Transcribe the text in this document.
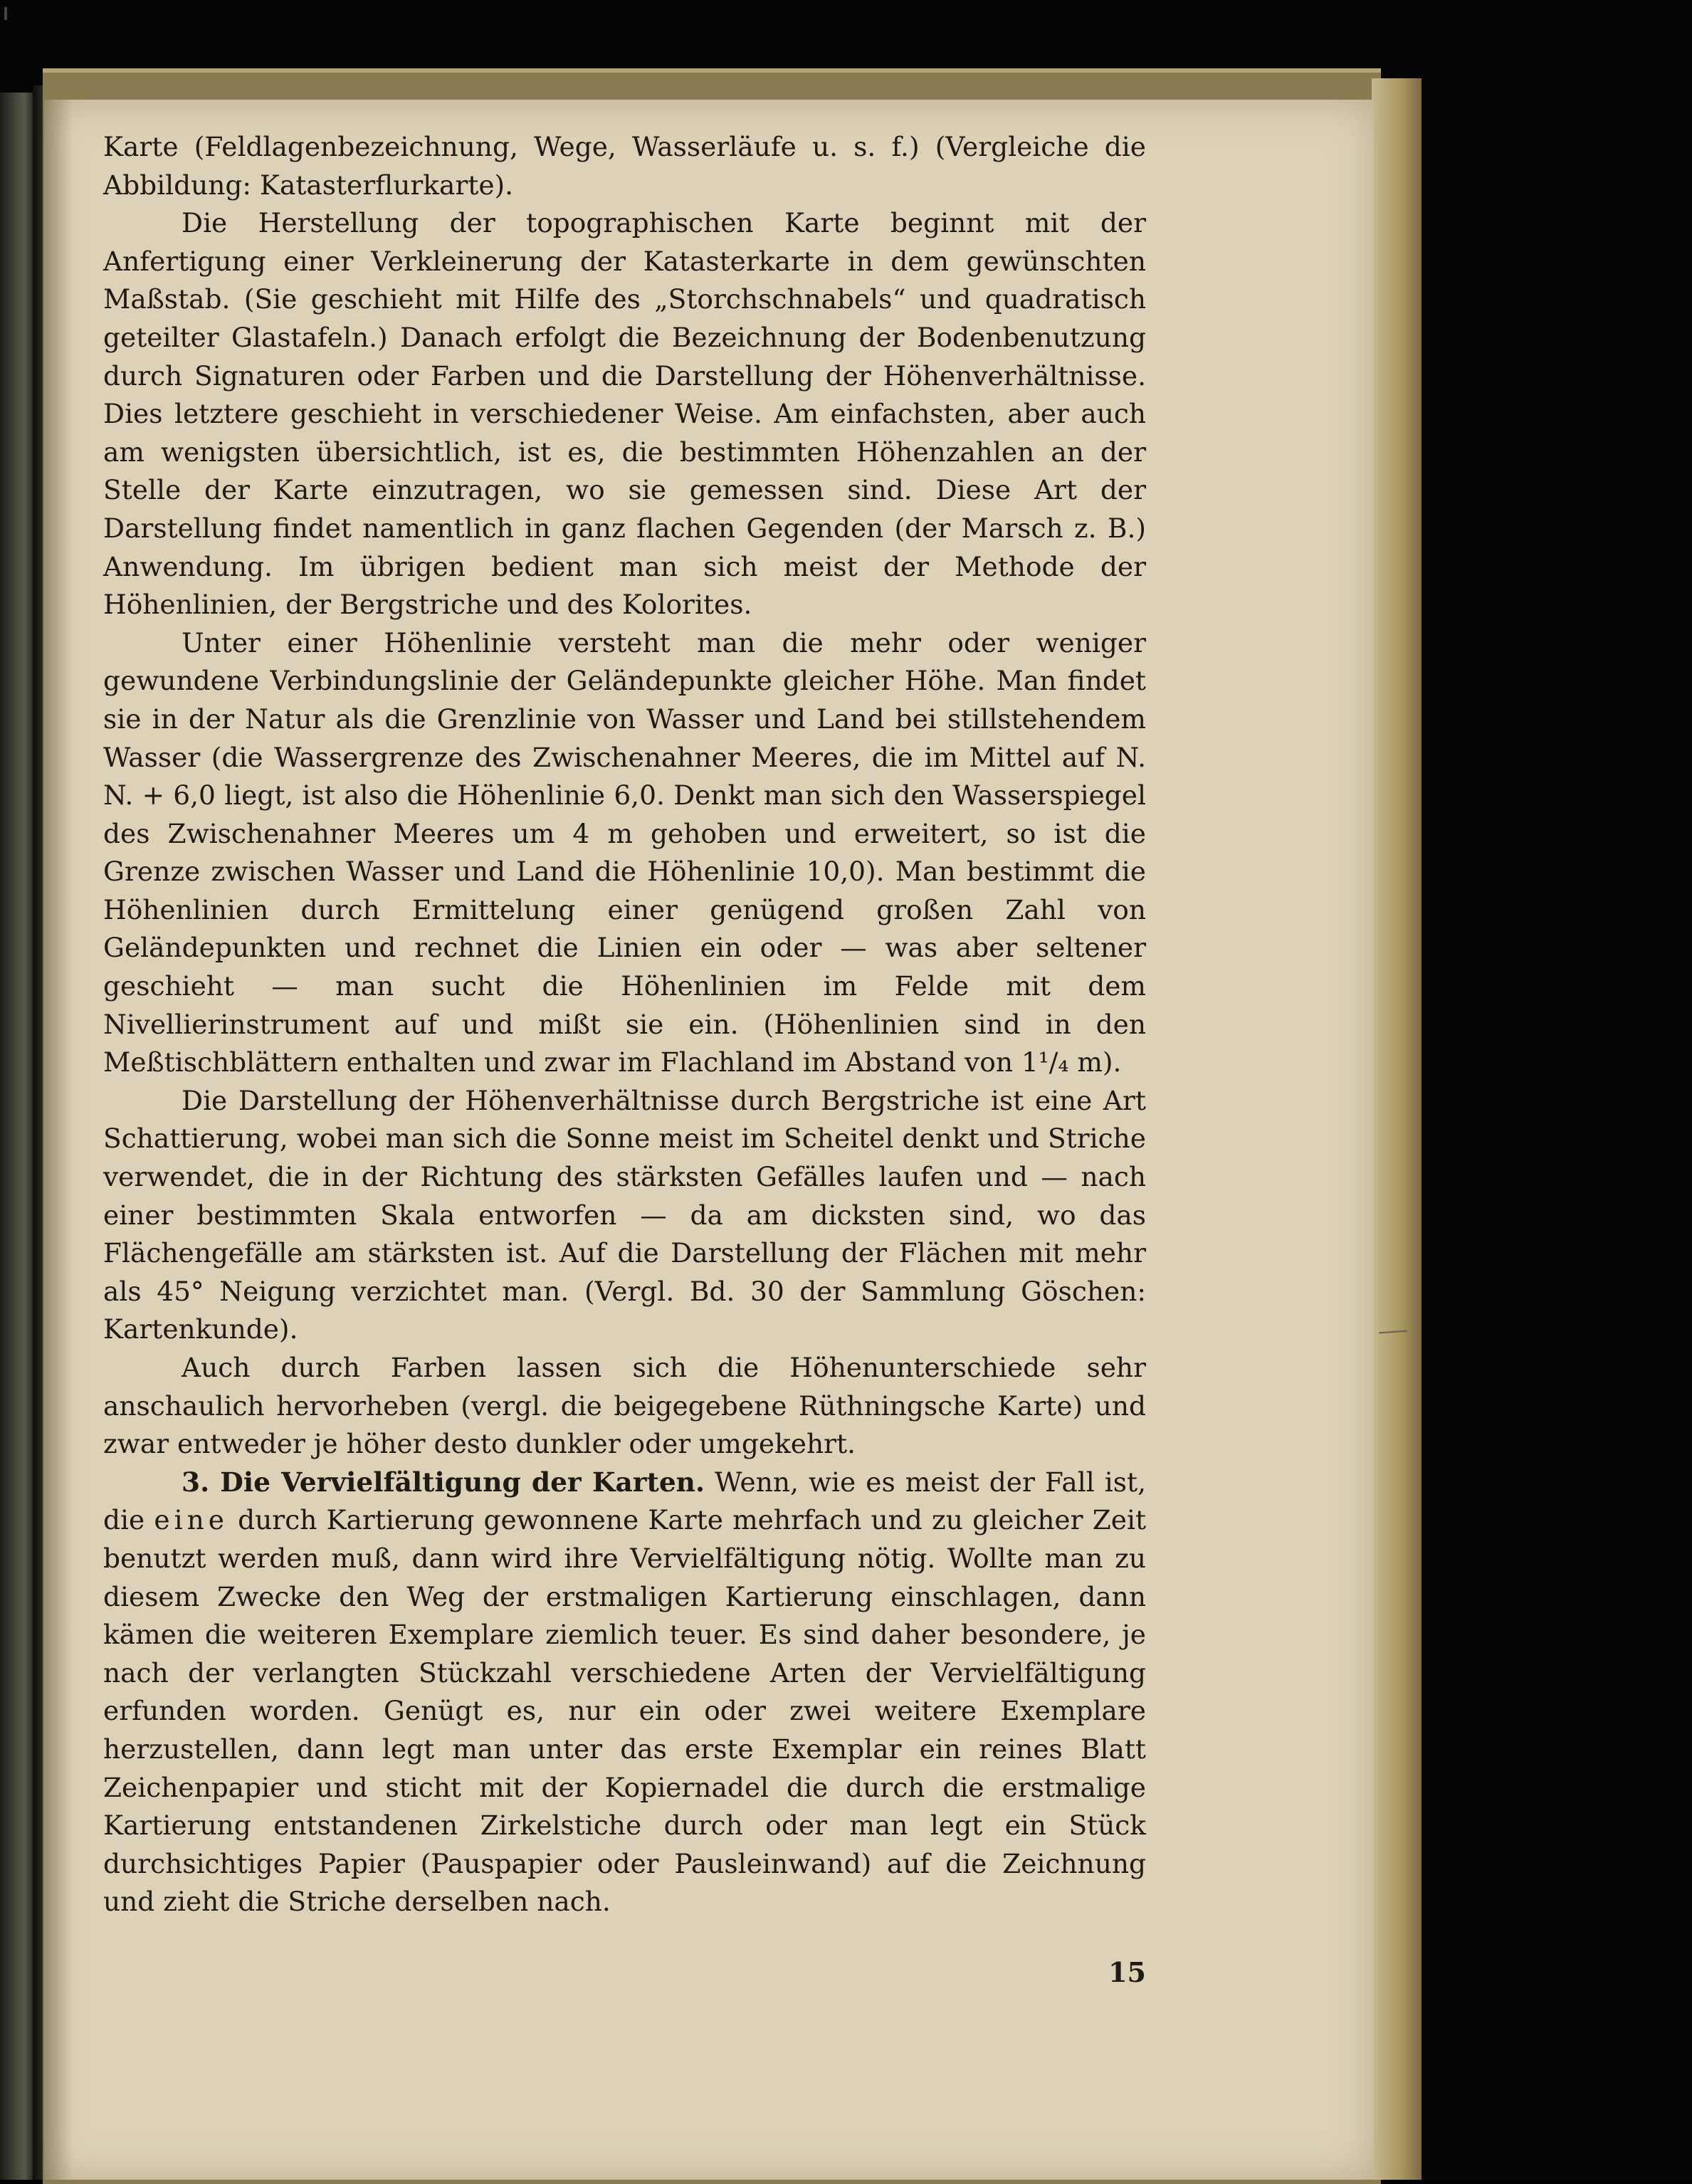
Karte (Feldlagenbezeichnung, Wege, Wasserläufe u. s. f.) (Vergleiche die Abbildung: Katasterflurkarte).

Die Herstellung der topographischen Karte beginnt mit der Anfertigung einer Verkleinerung der Katasterkarte in dem gewünschten Maßstab. (Sie geschieht mit Hilfe des „Storchschnabels“ und quadratisch geteilter Glastafeln.) Danach erfolgt die Bezeichnung der Bodenbenutzung durch Signaturen oder Farben und die Darstellung der Höhenverhältnisse. Dies letztere geschieht in verschiedener Weise. Am einfachsten, aber auch am wenigsten übersichtlich, ist es, die bestimmten Höhenzahlen an der Stelle der Karte einzutragen, wo sie gemessen sind. Diese Art der Darstellung findet namentlich in ganz flachen Gegenden (der Marsch z. B.) Anwendung. Im übrigen bedient man sich meist der Methode der Höhenlinien, der Bergstriche und des Kolorites.

Unter einer Höhenlinie versteht man die mehr oder weniger gewundene Verbindungslinie der Geländepunkte gleicher Höhe. Man findet sie in der Natur als die Grenzlinie von Wasser und Land bei stillstehendem Wasser (die Wassergrenze des Zwischenahner Meeres, die im Mittel auf N. N. + 6,0 liegt, ist also die Höhenlinie 6,0. Denkt man sich den Wasserspiegel des Zwischenahner Meeres um 4 m gehoben und erweitert, so ist die Grenze zwischen Wasser und Land die Höhenlinie 10,0). Man bestimmt die Höhenlinien durch Ermittelung einer genügend großen Zahl von Geländepunkten und rechnet die Linien ein oder — was aber seltener geschieht — man sucht die Höhenlinien im Felde mit dem Nivellierinstrument auf und mißt sie ein. (Höhenlinien sind in den Meßtischblättern enthalten und zwar im Flachland im Abstand von 1¹/₄ m).

Die Darstellung der Höhenverhältnisse durch Bergstriche ist eine Art Schattierung, wobei man sich die Sonne meist im Scheitel denkt und Striche verwendet, die in der Richtung des stärksten Gefälles laufen und — nach einer bestimmten Skala entworfen — da am dicksten sind, wo das Flächengefälle am stärksten ist. Auf die Darstellung der Flächen mit mehr als 45° Neigung verzichtet man. (Vergl. Bd. 30 der Sammlung Göschen: Kartenkunde).

Auch durch Farben lassen sich die Höhenunterschiede sehr anschaulich hervorheben (vergl. die beigegebene Rüthningsche Karte) und zwar entweder je höher desto dunkler oder umgekehrt.

3. Die Vervielfältigung der Karten. Wenn, wie es meist der Fall ist, die eine durch Kartierung gewonnene Karte mehrfach und zu gleicher Zeit benutzt werden muß, dann wird ihre Vervielfältigung nötig. Wollte man zu diesem Zwecke den Weg der erstmaligen Kartierung einschlagen, dann kämen die weiteren Exemplare ziemlich teuer. Es sind daher besondere, je nach der verlangten Stückzahl verschiedene Arten der Vervielfältigung erfunden worden. Genügt es, nur ein oder zwei weitere Exemplare herzustellen, dann legt man unter das erste Exemplar ein reines Blatt Zeichenpapier und sticht mit der Kopiernadel die durch die erstmalige Kartierung entstandenen Zirkelstiche durch oder man legt ein Stück durchsichtiges Papier (Pauspapier oder Pausleinwand) auf die Zeichnung und zieht die Striche derselben nach.

15
